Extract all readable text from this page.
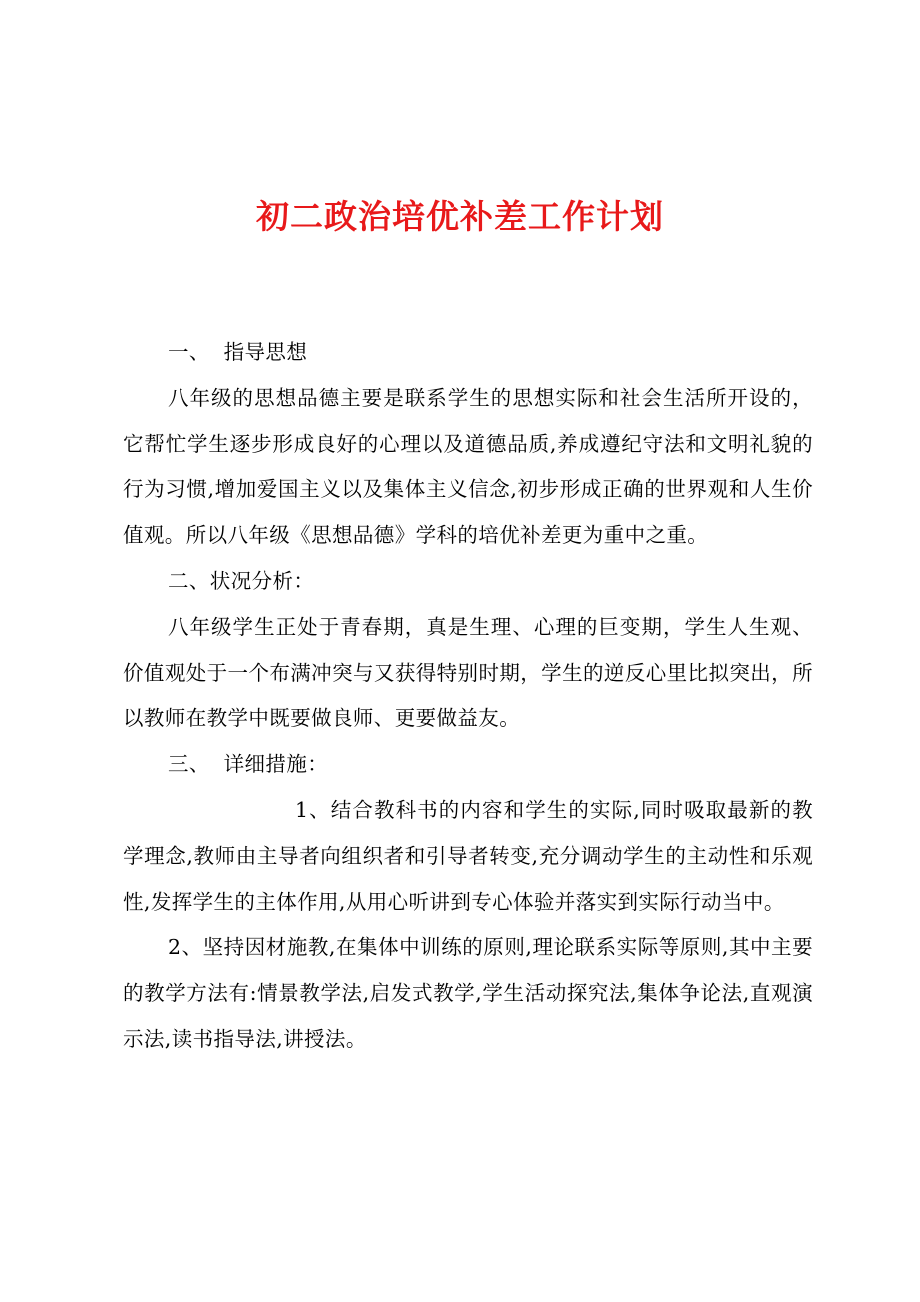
初二政治培优补差工作计划

一、  指导思想

八年级的思想品德主要是联系学生的思想实际和社会生活所开设的，它帮忙学生逐步形成良好的心理以及道德品质,养成遵纪守法和文明礼貌的行为习惯,增加爱国主义以及集体主义信念,初步形成正确的世界观和人生价值观。所以八年级《思想品德》学科的培优补差更为重中之重。

二、状况分析：

八年级学生正处于青春期，真是生理、心理的巨变期，学生人生观、价值观处于一个布满冲突与又获得特别时期，学生的逆反心里比拟突出，所以教师在教学中既要做良师、更要做益友。

三、  详细措施：

1、结合教科书的内容和学生的实际,同时吸取最新的教学理念,教师由主导者向组织者和引导者转变,充分调动学生的主动性和乐观性,发挥学生的主体作用,从用心听讲到专心体验并落实到实际行动当中。

2、坚持因材施教,在集体中训练的原则,理论联系实际等原则,其中主要的教学方法有:情景教学法,启发式教学,学生活动探究法,集体争论法,直观演示法,读书指导法,讲授法。
